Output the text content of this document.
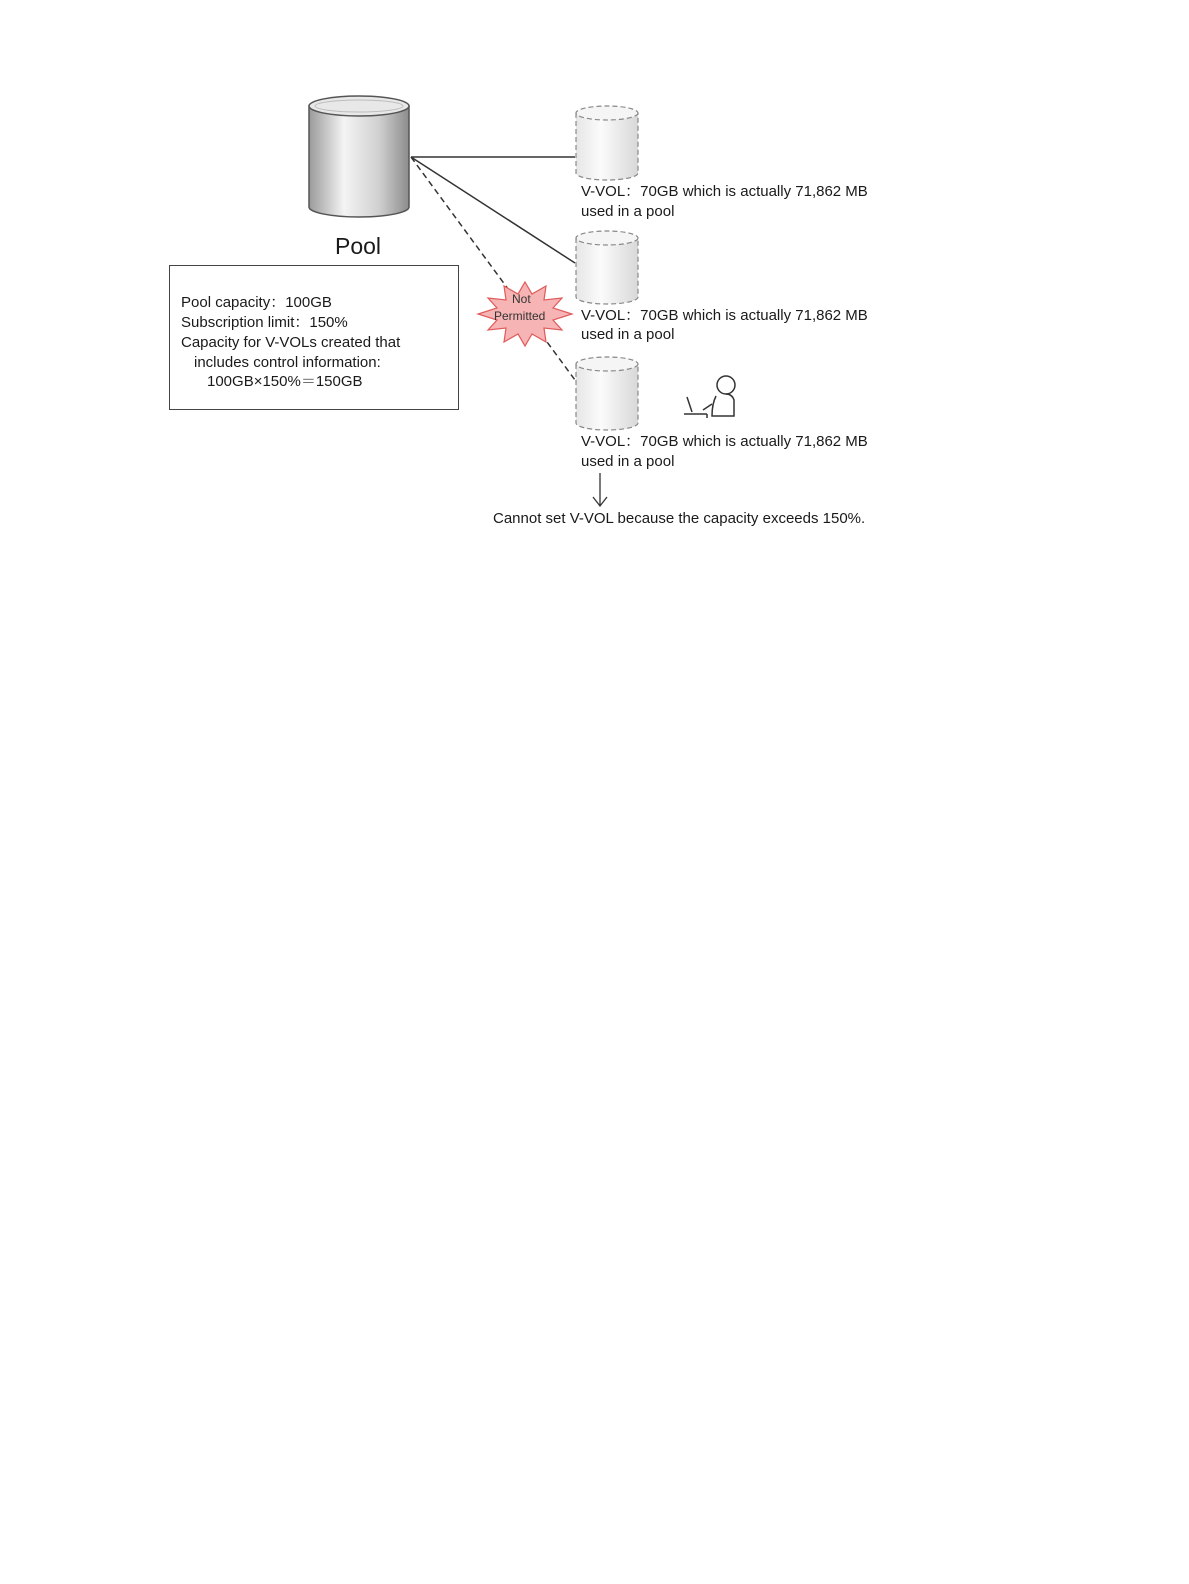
Pool
Pool capacity：100GB
Subscription limit：150%
Capacity for V-VOLs created that
includes control information:
100GB×150%＝150GB
Not
Permitted
V-VOL：70GB which is actually 71,862 MB
used in a pool
V-VOL：70GB which is actually 71,862 MB
used in a pool
V-VOL：70GB which is actually 71,862 MB
used in a pool
Cannot set V-VOL because the capacity exceeds 150%.
